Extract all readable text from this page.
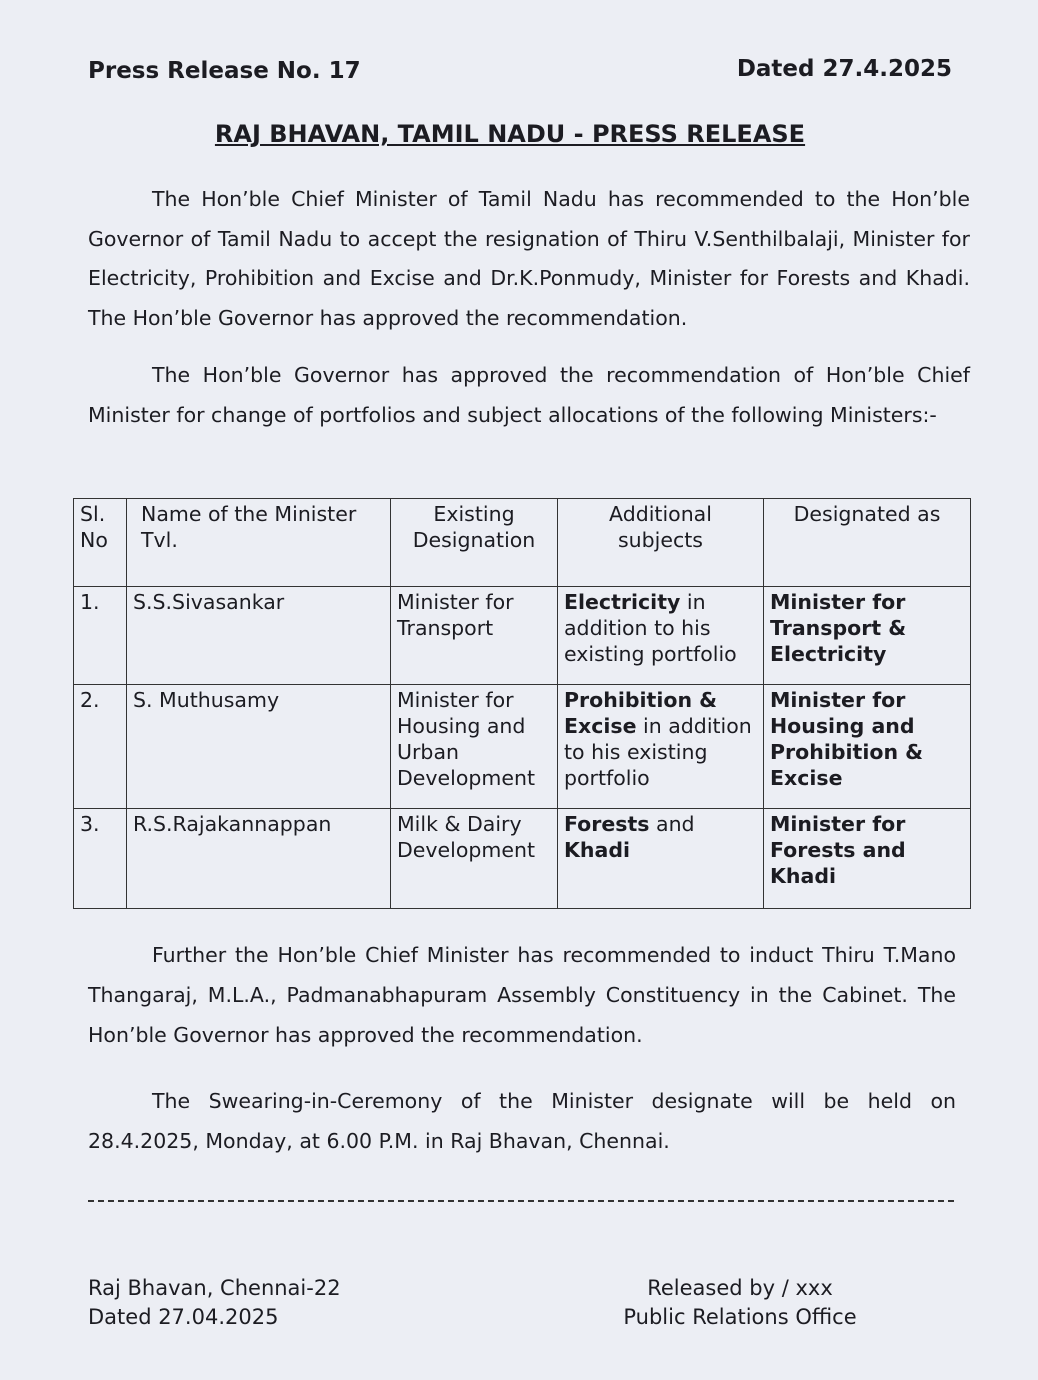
Press Release No. 17	Dated 27.4.2025
RAJ BHAVAN, TAMIL NADU - PRESS RELEASE

The Hon’ble Chief Minister of Tamil Nadu has recommended to the Hon’ble Governor of Tamil Nadu to accept the resignation of Thiru V.Senthilbalaji, Minister for Electricity, Prohibition and Excise and Dr.K.Ponmudy, Minister for Forests and Khadi. The Hon’ble Governor has approved the recommendation.

The Hon’ble Governor has approved the recommendation of Hon’ble Chief Minister for change of portfolios and subject allocations of the following Ministers:-

Sl. No	Name of the Minister Tvl.	Existing Designation	Additional subjects	Designated as
1.	S.S.Sivasankar	Minister for Transport	Electricity in addition to his existing portfolio	Minister for Transport & Electricity
2.	S. Muthusamy	Minister for Housing and Urban Development	Prohibition & Excise in addition to his existing portfolio	Minister for Housing and Prohibition & Excise
3.	R.S.Rajakannappan	Milk & Dairy Development	Forests and Khadi	Minister for Forests and Khadi

Further the Hon’ble Chief Minister has recommended to induct Thiru T.Mano Thangaraj, M.L.A., Padmanabhapuram Assembly Constituency in the Cabinet. The Hon’ble Governor has approved the recommendation.

The Swearing-in-Ceremony of the Minister designate will be held on 28.4.2025, Monday, at 6.00 P.M. in Raj Bhavan, Chennai.

Raj Bhavan, Chennai-22
Dated 27.04.2025
Released by / xxx
Public Relations Office
